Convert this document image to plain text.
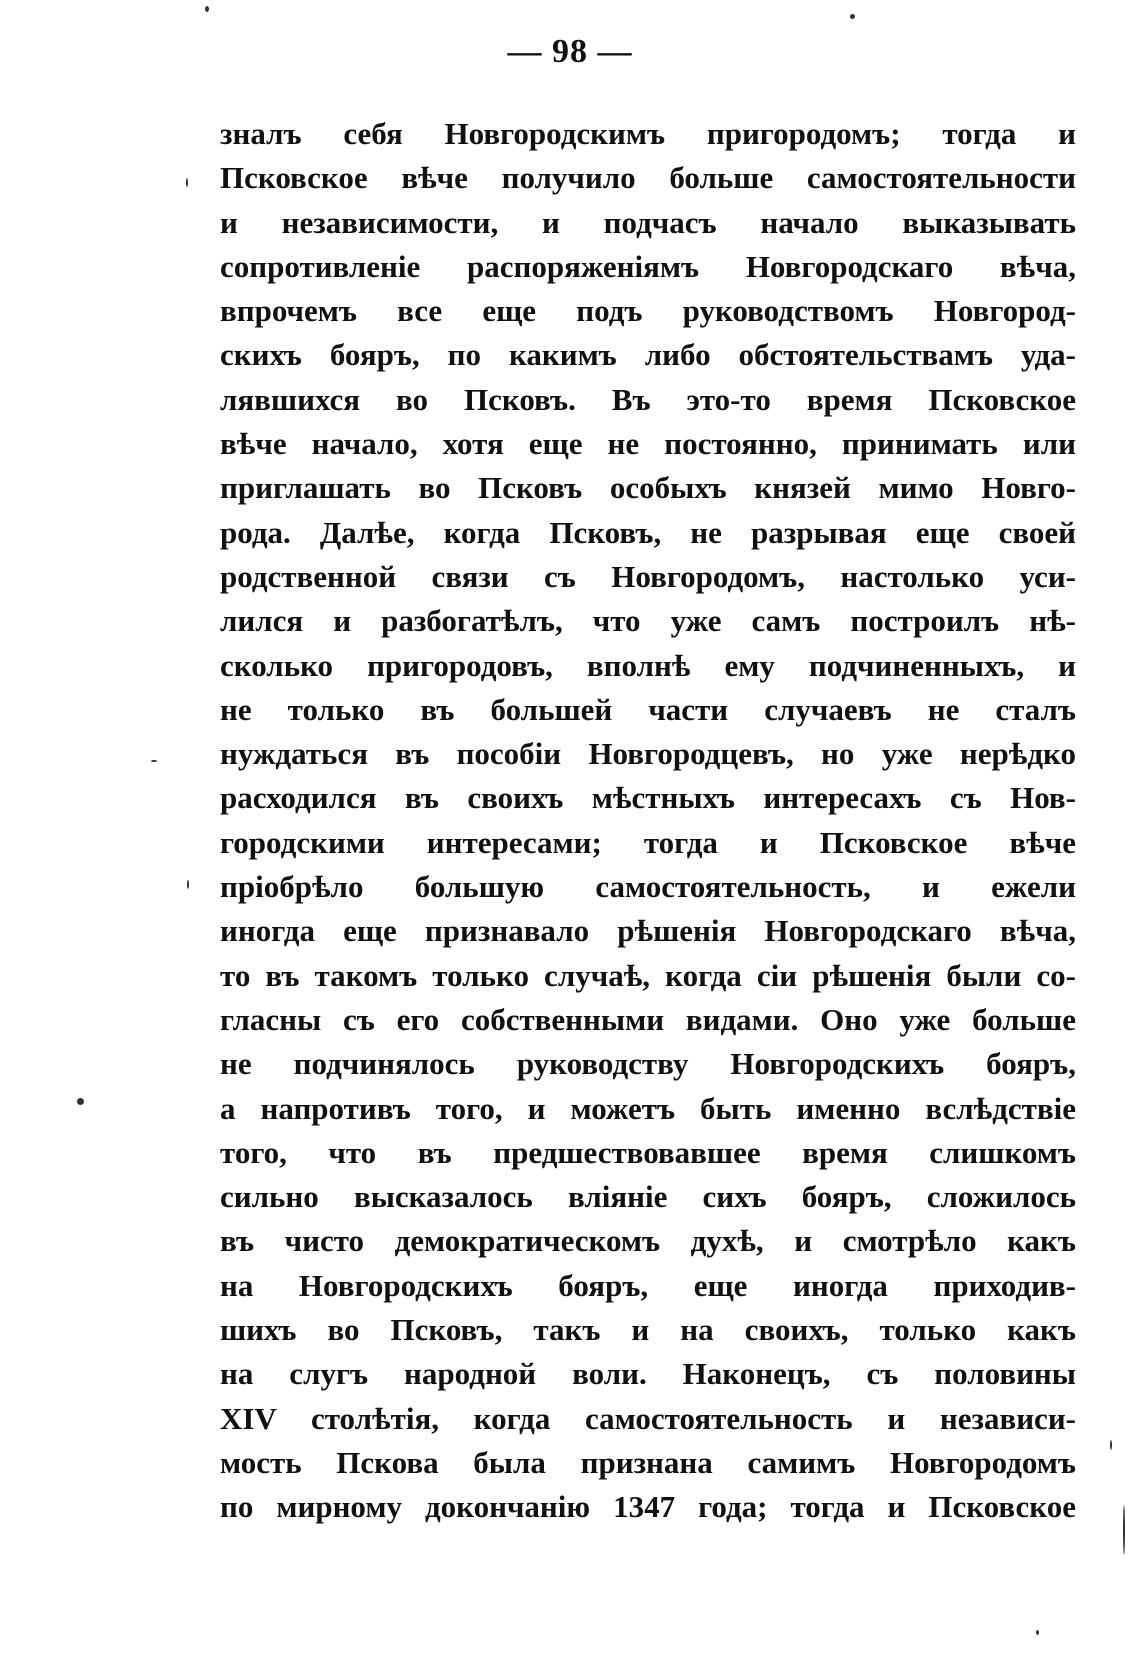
— 98 —
зналъ себя Новгородскимъ пригородомъ; тогда и
Псковское вѣче получило больше самостоятельности
и независимости, и подчасъ начало выказывать
сопротивленіе распоряженіямъ Новгородскаго вѣча,
впрочемъ все еще подъ руководствомъ Новгород-
скихъ бояръ, по какимъ либо обстоятельствамъ уда-
лявшихся во Псковъ. Въ это-то время Псковское
вѣче начало, хотя еще не постоянно, принимать или
приглашать во Псковъ особыхъ князей мимо Новго-
рода. Далѣе, когда Псковъ, не разрывая еще своей
родственной связи съ Новгородомъ, настолько уси-
лился и разбогатѣлъ, что уже самъ построилъ нѣ-
сколько пригородовъ, вполнѣ ему подчиненныхъ, и
не только въ большей части случаевъ не сталъ
нуждаться въ пособіи Новгородцевъ, но уже нерѣдко
расходился въ своихъ мѣстныхъ интересахъ съ Нов-
городскими интересами; тогда и Псковское вѣче
пріобрѣло большую самостоятельность, и ежели
иногда еще признавало рѣшенія Новгородскаго вѣча,
то въ такомъ только случаѣ, когда сіи рѣшенія были со-
гласны съ его собственными видами. Оно уже больше
не подчинялось руководству Новгородскихъ бояръ,
а напротивъ того, и можетъ быть именно вслѣдствіе
того, что въ предшествовавшее время слишкомъ
сильно высказалось вліяніе сихъ бояръ, сложилось
въ чисто демократическомъ духѣ, и смотрѣло какъ
на Новгородскихъ бояръ, еще иногда приходив-
шихъ во Псковъ, такъ и на своихъ, только какъ
на слугъ народной воли. Наконецъ, съ половины
XIV столѣтія, когда самостоятельность и независи-
мость Пскова была признана самимъ Новгородомъ
по мирному докончанію 1347 года; тогда и Псковское
